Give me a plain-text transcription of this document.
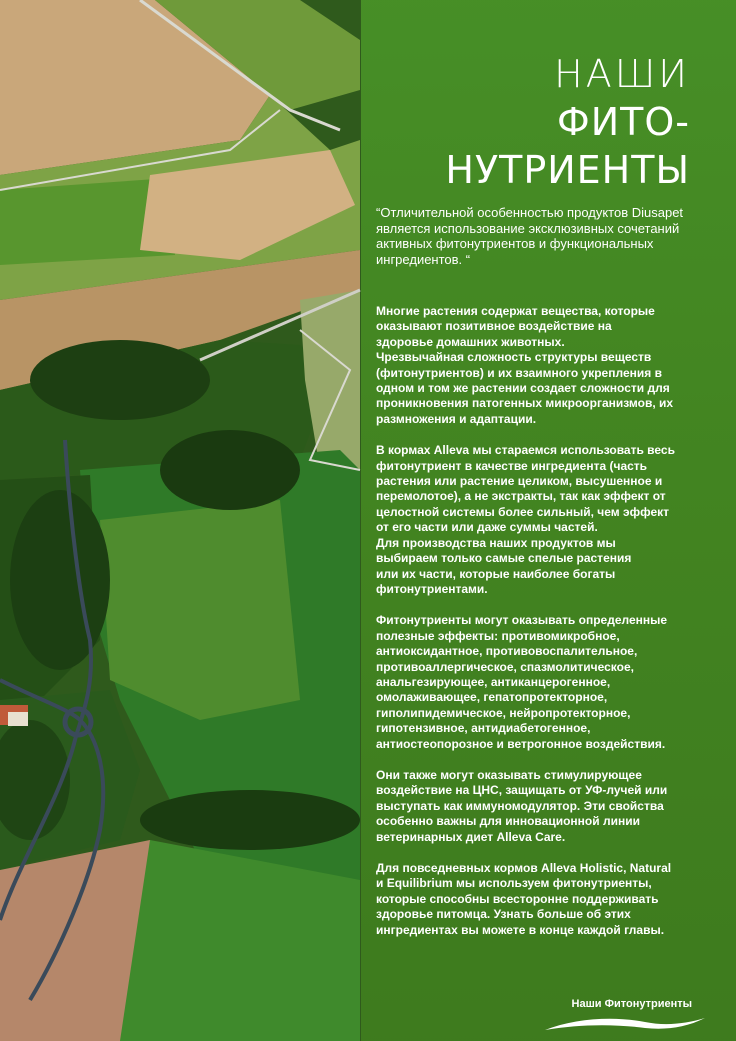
НАШИ
ФИТО-
НУТРИЕНТЫ
“Отличительной особенностью продуктов Diusapet является использование эксклюзивных сочетаний активных фитонутриентов и функциональных ингредиентов. “
Многие растения содержат вещества, которые
оказывают позитивное воздействие на
здоровье домашних животных.
Чрезвычайная сложность структуры веществ
(фитонутриентов) и их взаимного укрепления в
одном и том же растении создает сложности для
проникновения патогенных микроорганизмов, их
размножения и адаптации.
В кормах Alleva мы стараемся использовать весь
фитонутриент в качестве ингредиента (часть
растения или растение целиком, высушенное и
перемолотое), а не экстракты, так как эффект от
целостной системы более сильный, чем эффект
от его части или даже суммы частей.
Для производства наших продуктов мы
выбираем только самые спелые растения
или их части, которые наиболее богаты
фитонутриентами.
Фитонутриенты могут оказывать определенные
полезные эффекты: противомикробное,
антиоксидантное, противовоспалительное,
противоаллергическое, спазмолитическое,
анальгезирующее, антиканцерогенное,
омолаживающее, гепатопротекторное,
гиполипидемическое, нейропротекторное,
гипотензивное, антидиабетогенное,
антиостеопорозное и ветрогонное воздействия.
Они также могут оказывать стимулирующее
воздействие на ЦНС, защищать от УФ-лучей или
выступать как иммуномодулятор. Эти свойства
особенно важны для инновационной линии
ветеринарных диет Alleva Care.
Для повседневных кормов Alleva Holistic, Natural
и Equilibrium мы используем фитонутриенты,
которые способны всесторонне поддерживать
здоровье питомца. Узнать больше об этих
ингредиентах вы можете в конце каждой главы.
Наши Фитонутриенты
